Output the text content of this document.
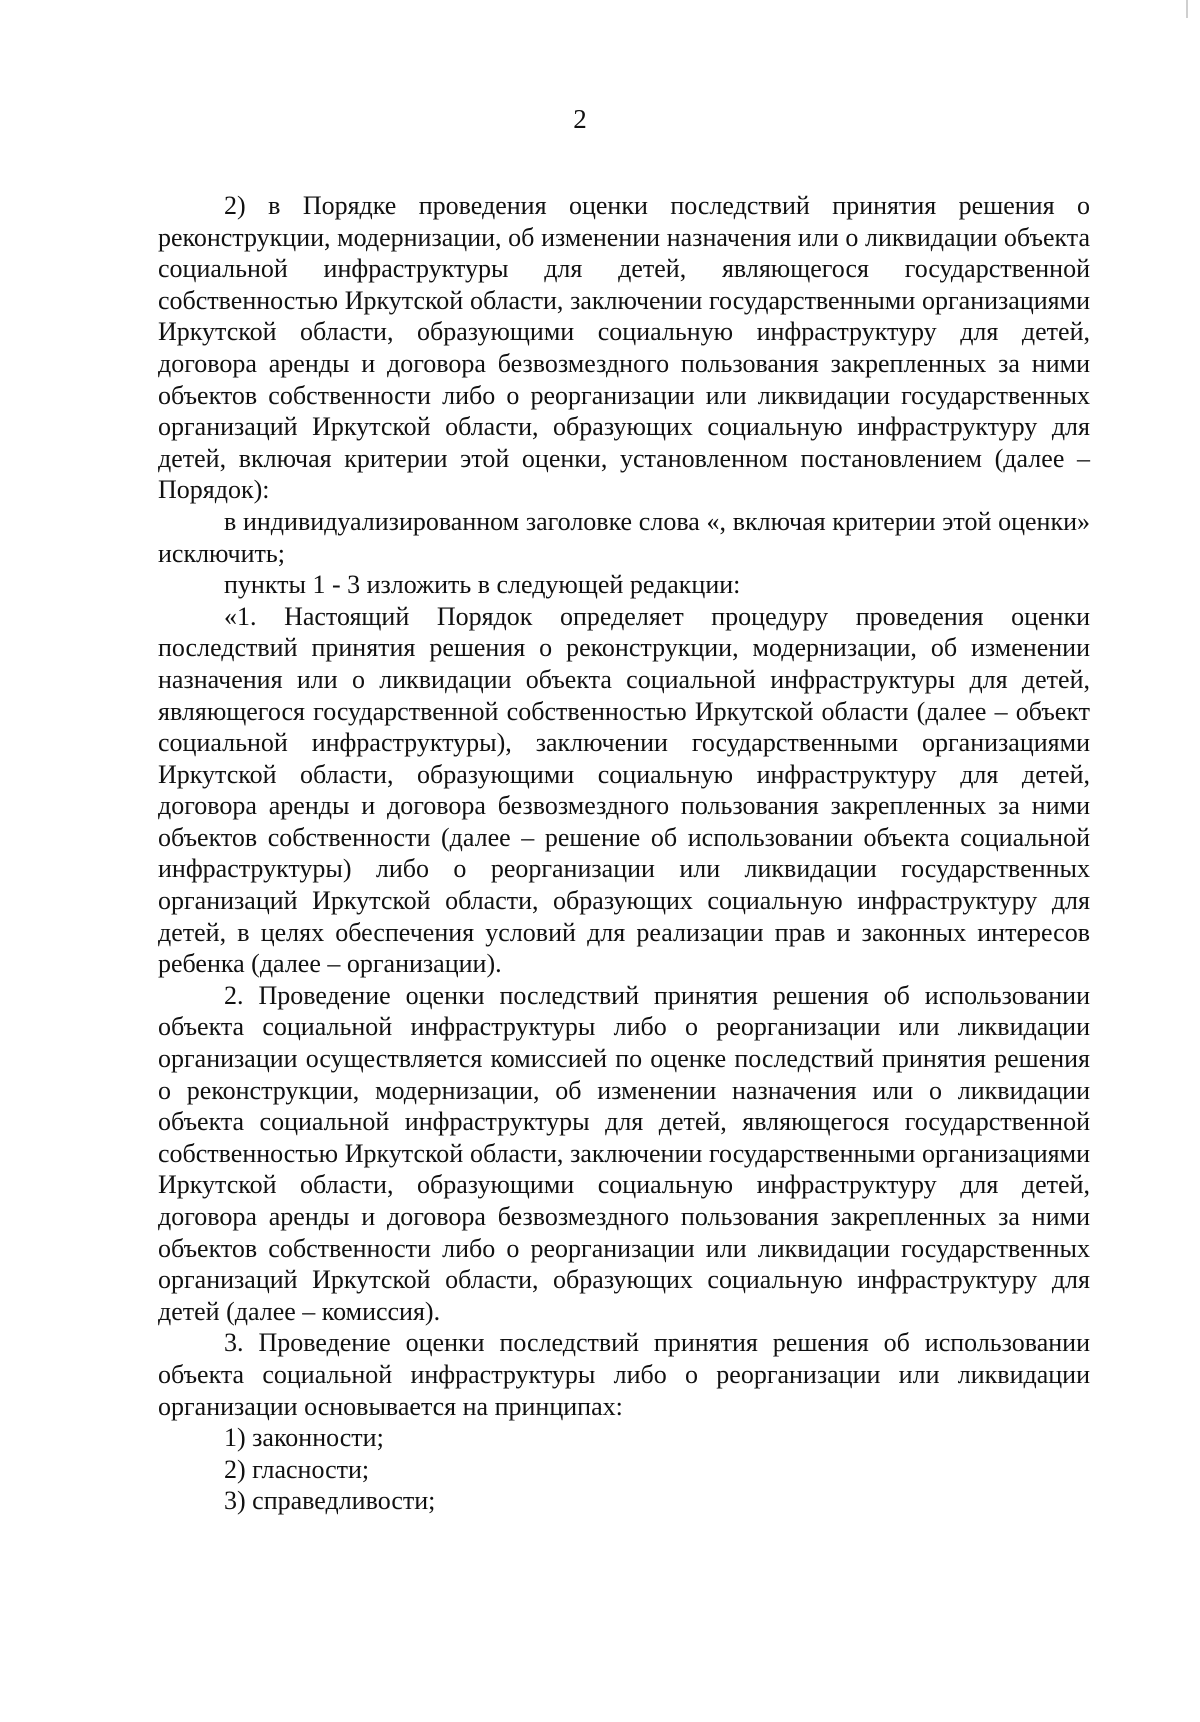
2

2) в Порядке проведения оценки последствий принятия решения о реконструкции, модернизации, об изменении назначения или о ликвидации объекта социальной инфраструктуры для детей, являющегося государственной собственностью Иркутской области, заключении государственными организациями Иркутской области, образующими социальную инфраструктуру для детей, договора аренды и договора безвозмездного пользования закрепленных за ними объектов собственности либо о реорганизации или ликвидации государственных организаций Иркутской области, образующих социальную инфраструктуру для детей, включая критерии этой оценки, установленном постановлением (далее – Порядок):

в индивидуализированном заголовке слова «, включая критерии этой оценки» исключить;

пункты 1 - 3 изложить в следующей редакции:

«1. Настоящий Порядок определяет процедуру проведения оценки последствий принятия решения о реконструкции, модернизации, об изменении назначения или о ликвидации объекта социальной инфраструктуры для детей, являющегося государственной собственностью Иркутской области (далее – объект социальной инфраструктуры), заключении государственными организациями Иркутской области, образующими социальную инфраструктуру для детей, договора аренды и договора безвозмездного пользования закрепленных за ними объектов собственности (далее – решение об использовании объекта социальной инфраструктуры) либо о реорганизации или ликвидации государственных организаций Иркутской области, образующих социальную инфраструктуру для детей, в целях обеспечения условий для реализации прав и законных интересов ребенка (далее – организации).

2. Проведение оценки последствий принятия решения об использовании объекта социальной инфраструктуры либо о реорганизации или ликвидации организации осуществляется комиссией по оценке последствий принятия решения о реконструкции, модернизации, об изменении назначения или о ликвидации объекта социальной инфраструктуры для детей, являющегося государственной собственностью Иркутской области, заключении государственными организациями Иркутской области, образующими социальную инфраструктуру для детей, договора аренды и договора безвозмездного пользования закрепленных за ними объектов собственности либо о реорганизации или ликвидации государственных организаций Иркутской области, образующих социальную инфраструктуру для детей (далее – комиссия).

3. Проведение оценки последствий принятия решения об использовании объекта социальной инфраструктуры либо о реорганизации или ликвидации организации основывается на принципах:

1) законности;

2) гласности;

3) справедливости;
